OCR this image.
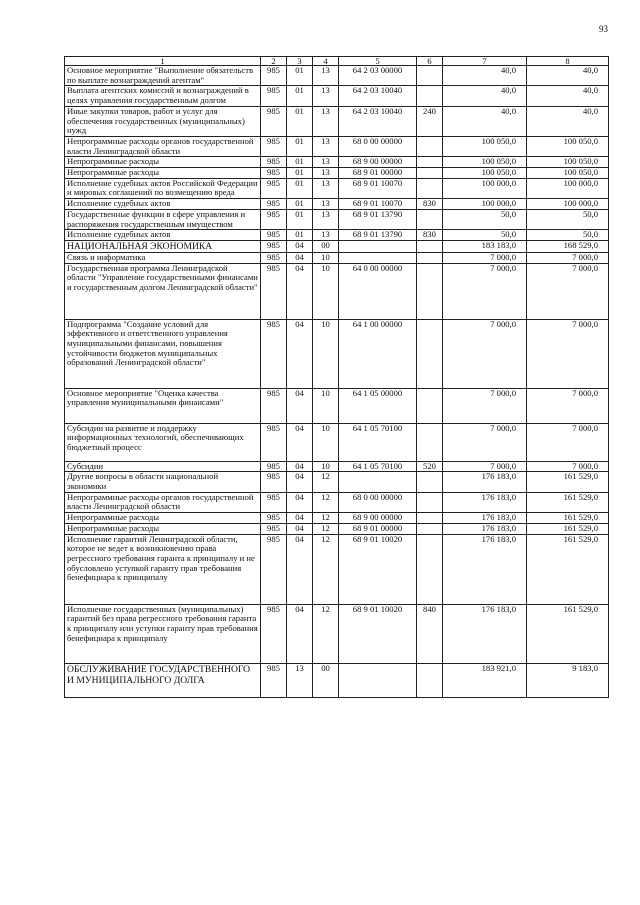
93
1	2	3	4	5	6	7	8
Основное мероприятие "Выполнение обязательств по выплате вознаграждений агентам"	985	01	13	64 2 03 00000		40,0	40,0
Выплата агентских комиссий и вознаграждений в целях управления государственным долгом	985	01	13	64 2 03 10040		40,0	40,0
Иные закупки товаров, работ и услуг для обеспечения государственных (муниципальных) нужд	985	01	13	64 2 03 10040	240	40,0	40,0
Непрограммные расходы органов государственной власти Ленинградской области	985	01	13	68 0 00 00000		100 050,0	100 050,0
Непрограммные расходы	985	01	13	68 9 00 00000		100 050,0	100 050,0
Непрограммные расходы	985	01	13	68 9 01 00000		100 050,0	100 050,0
Исполнение судебных актов Российской Федерации и мировых соглашений по возмещению вреда	985	01	13	68 9 01 10070		100 000,0	100 000,0
Исполнение судебных актов	985	01	13	68 9 01 10070	830	100 000,0	100 000,0
Государственные функции в сфере управления и распоряжения государственным имуществом	985	01	13	68 9 01 13790		50,0	50,0
Исполнение судебных актов	985	01	13	68 9 01 13790	830	50,0	50,0
НАЦИОНАЛЬНАЯ ЭКОНОМИКА	985	04	00			183 183,0	168 529,0
Связь и информатика	985	04	10			7 000,0	7 000,0
Государственная программа Ленинградской области "Управление государственными финансами и государственным долгом Ленинградской области"	985	04	10	64 0 00 00000		7 000,0	7 000,0
Подпрограмма "Создание условий для эффективного и ответственного управления муниципальными финансами, повышения устойчивости бюджетов муниципальных образований Ленинградской области"	985	04	10	64 1 00 00000		7 000,0	7 000,0
Основное мероприятие "Оценка качества управления муниципальными финансами"	985	04	10	64 1 05 00000		7 000,0	7 000,0
Субсидии на развитие и поддержку информационных технологий, обеспечивающих бюджетный процесс	985	04	10	64 1 05 70100		7 000,0	7 000,0
Субсидии	985	04	10	64 1 05 70100	520	7 000,0	7 000,0
Другие вопросы в области национальной экономики	985	04	12			176 183,0	161 529,0
Непрограммные расходы органов государственной власти Ленинградской области	985	04	12	68 0 00 00000		176 183,0	161 529,0
Непрограммные расходы	985	04	12	68 9 00 00000		176 183,0	161 529,0
Непрограммные расходы	985	04	12	68 9 01 00000		176 183,0	161 529,0
Исполнение гарантий Ленинградской области, которое не ведет к возникновению права регрессного требования гаранта к принципалу и не обусловлено уступкой гаранту прав требования бенефициара к принципалу	985	04	12	68 9 01 10020		176 183,0	161 529,0
Исполнение государственных (муниципальных) гарантий без права регрессного требования гаранта к принципалу или уступки гаранту прав требования бенефициара к принципалу	985	04	12	68 9 01 10020	840	176 183,0	161 529,0
ОБСЛУЖИВАНИЕ ГОСУДАРСТВЕННОГО И МУНИЦИПАЛЬНОГО ДОЛГА	985	13	00			183 921,0	9 183,0
